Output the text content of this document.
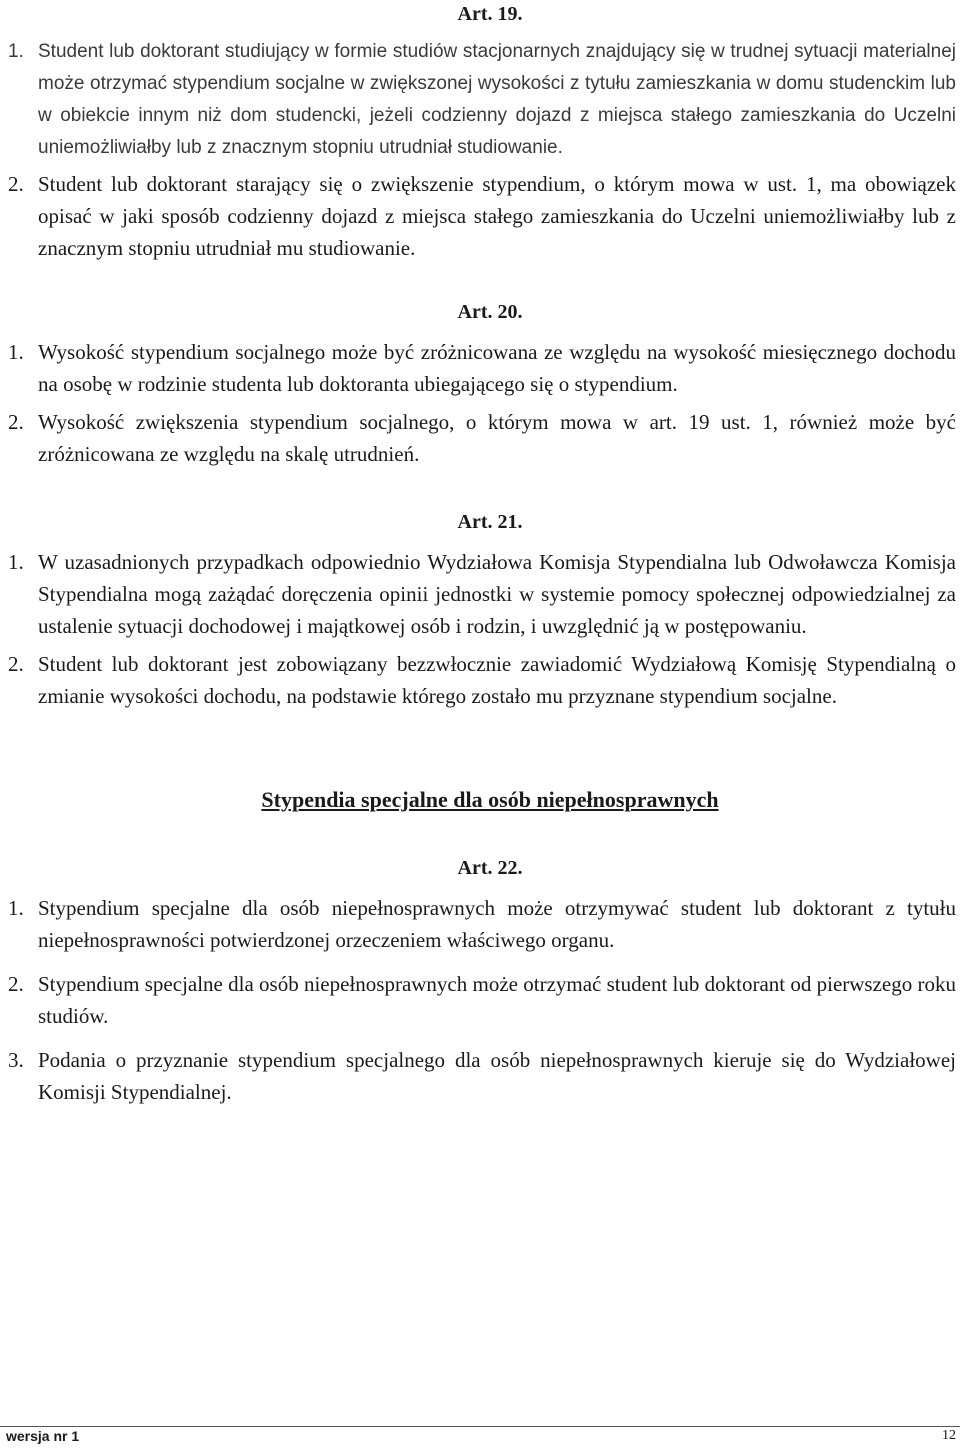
Art. 19.

1. Student lub doktorant studiujący w formie studiów stacjonarnych znajdujący się w trudnej sytuacji materialnej może otrzymać stypendium socjalne w zwiększonej wysokości z tytułu zamieszkania w domu studenckim lub w obiekcie innym niż dom studencki, jeżeli codzienny dojazd z miejsca stałego zamieszkania do Uczelni uniemożliwiałby lub z znacznym stopniu utrudniał studiowanie.

2. Student lub doktorant starający się o zwiększenie stypendium, o którym mowa w ust. 1, ma obowiązek opisać w jaki sposób codzienny dojazd z miejsca stałego zamieszkania do Uczelni uniemożliwiałby lub z znacznym stopniu utrudniał mu studiowanie.

Art. 20.

1. Wysokość stypendium socjalnego może być zróżnicowana ze względu na wysokość miesięcznego dochodu na osobę w rodzinie studenta lub doktoranta ubiegającego się o stypendium.

2. Wysokość zwiększenia stypendium socjalnego, o którym mowa w art. 19 ust. 1, również może być zróżnicowana ze względu na skalę utrudnień.

Art. 21.

1. W uzasadnionych przypadkach odpowiednio Wydziałowa Komisja Stypendialna lub Odwoławcza Komisja Stypendialna mogą zażądać doręczenia opinii jednostki w systemie pomocy społecznej odpowiedzialnej za ustalenie sytuacji dochodowej i majątkowej osób i rodzin, i uwzględnić ją w postępowaniu.

2. Student lub doktorant jest zobowiązany bezzwłocznie zawiadomić Wydziałową Komisję Stypendialną o zmianie wysokości dochodu, na podstawie którego zostało mu przyznane stypendium socjalne.

Stypendia specjalne dla osób niepełnosprawnych
Art. 22.

1. Stypendium specjalne dla osób niepełnosprawnych może otrzymywać student lub doktorant z tytułu niepełnosprawności potwierdzonej orzeczeniem właściwego organu.

2. Stypendium specjalne dla osób niepełnosprawnych może otrzymać student lub doktorant od pierwszego roku studiów.

3. Podania o przyznanie stypendium specjalnego dla osób niepełnosprawnych kieruje się do Wydziałowej Komisji Stypendialnej.

wersja nr 1	12
